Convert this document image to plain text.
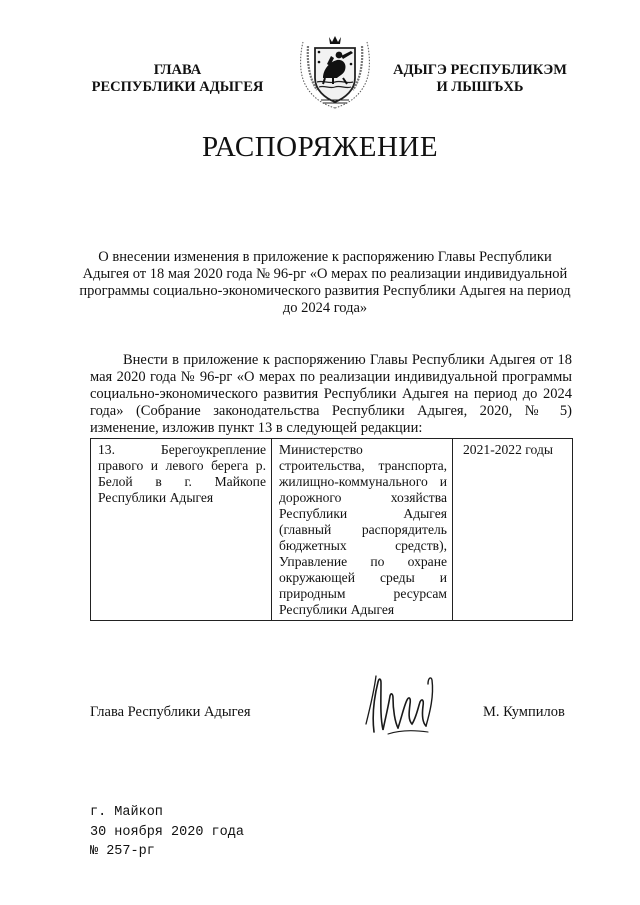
ГЛАВА
РЕСПУБЛИКИ АДЫГЕЯ
АДЫГЭ РЕСПУБЛИКЭМ
И ЛЫШЪХЬ
РАСПОРЯЖЕНИЕ
О внесении изменения в приложение к распоряжению Главы Республики Адыгея от 18 мая 2020 года № 96-рг «О мерах по реализации индивидуальной программы социально-экономического развития Республики Адыгея на период до 2024 года»
Внести в приложение к распоряжению Главы Республики Адыгея от 18 мая 2020 года № 96-рг «О мерах по реализации индивидуальной программы социально-экономического развития Республики Адыгея на период до 2024 года» (Собрание законодательства Республики Адыгея, 2020, № 5) изменение, изложив пункт 13 в следующей редакции:
13. Берегоукрепление правого и левого берега р. Белой в г. Майкопе Республики Адыгея	Министерство строительства, транспорта, жилищно-коммунального и дорожного хозяйства Республики Адыгея (главный распорядитель бюджетных средств), Управление по охране окружающей среды и природным ресурсам Республики Адыгея	2021-2022 годы
Глава Республики Адыгея	М. Кумпилов
г. Майкоп
30 ноября 2020 года
№ 257-рг
